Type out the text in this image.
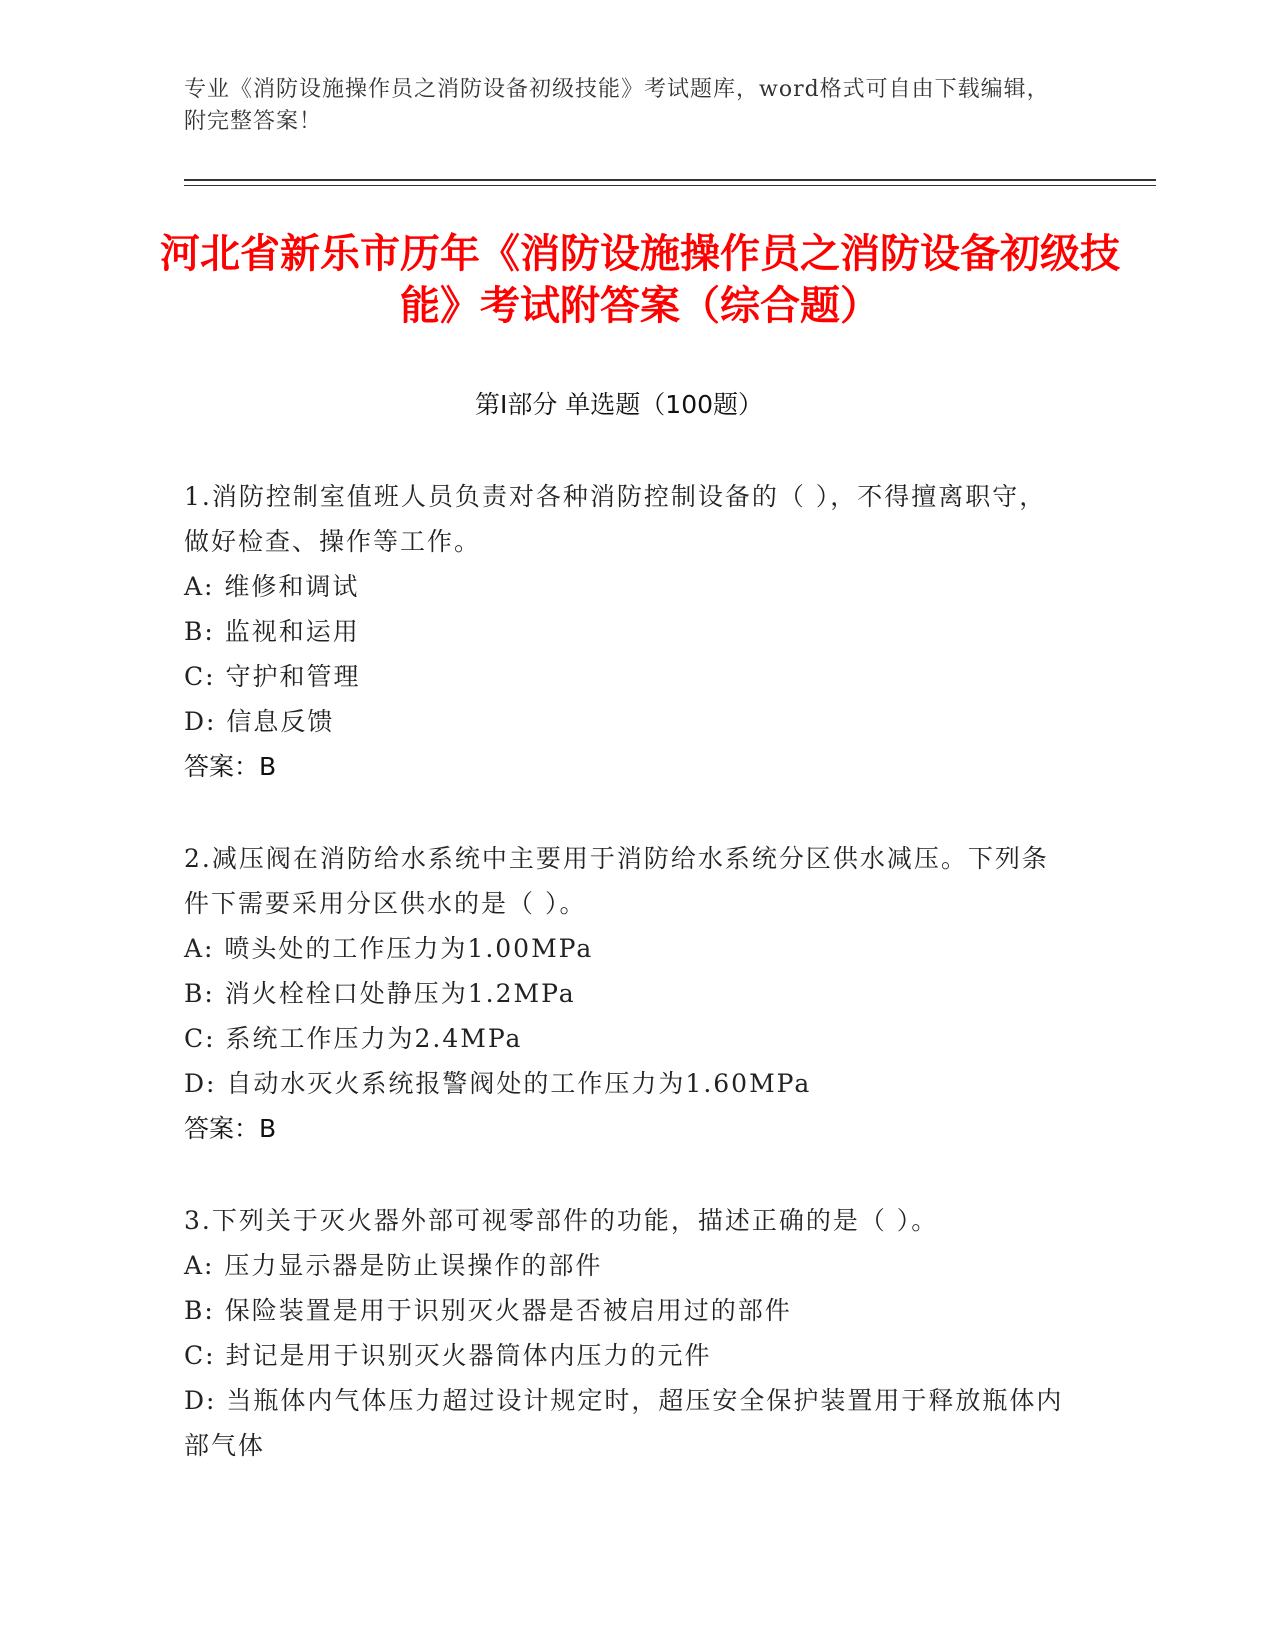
专业《消防设施操作员之消防设备初级技能》考试题库，word格式可自由下载编辑，附完整答案！
河北省新乐市历年《消防设施操作员之消防设备初级技能》考试附答案（综合题）
第I部分 单选题（100题）

1.消防控制室值班人员负责对各种消防控制设备的（ ），不得擅离职守，做好检查、操作等工作。

A: 维修和调试

B: 监视和运用

C: 守护和管理

D: 信息反馈

答案：B

2.减压阀在消防给水系统中主要用于消防给水系统分区供水减压。下列条件下需要采用分区供水的是（ ）。

A: 喷头处的工作压力为1.00MPa

B: 消火栓栓口处静压为1.2MPa

C: 系统工作压力为2.4MPa

D: 自动水灭火系统报警阀处的工作压力为1.60MPa

答案：B

3.下列关于灭火器外部可视零部件的功能，描述正确的是（ ）。

A: 压力显示器是防止误操作的部件

B: 保险装置是用于识别灭火器是否被启用过的部件

C: 封记是用于识别灭火器筒体内压力的元件

D: 当瓶体内气体压力超过设计规定时，超压安全保护装置用于释放瓶体内部气体
